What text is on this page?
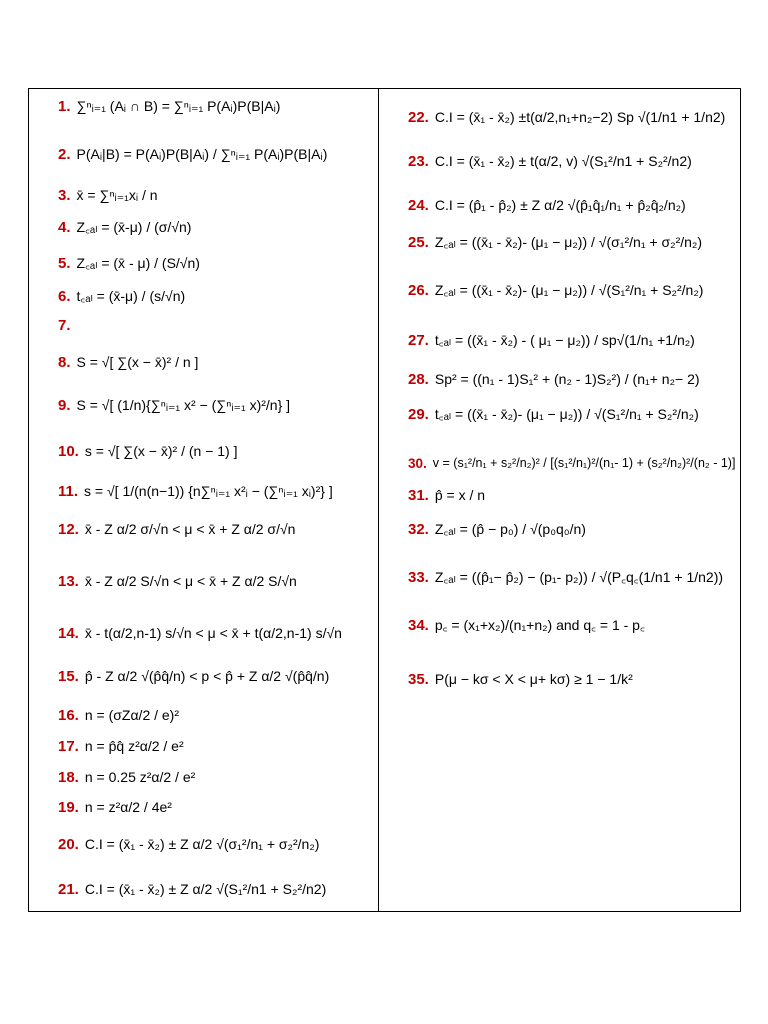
1. ∑ⁿᵢ₌₁ (Aᵢ ∩ B) = ∑ⁿᵢ₌₁ P(Aᵢ)P(B|Aᵢ)
2. P(Aᵢ|B) = P(Aᵢ)P(B|Aᵢ) / ∑ⁿᵢ₌₁ P(Aᵢ)P(B|Aᵢ)
3. x̄ = ∑ⁿᵢ₌₁xᵢ / n
4. Z꜀ₐₗ = (x̄-μ) / (σ/√n)
5. Z꜀ₐₗ = (x̄ - μ) / (S/√n)
6. t꜀ₐₗ = (x̄-μ) / (s/√n)
7.
8. S = √[ ∑(x − x̄)² / n ]
9. S = √[ (1/n){∑ⁿᵢ₌₁ x² − (∑ⁿᵢ₌₁ x)²/n} ]
10. s = √[ ∑(x − x̄)² / (n − 1) ]
11. s = √[ 1/(n(n−1)) {n∑ⁿᵢ₌₁ x²ᵢ − (∑ⁿᵢ₌₁ xᵢ)²} ]
12. x̄ - Z α/2 σ/√n < μ < x̄ + Z α/2 σ/√n
13. x̄ - Z α/2 S/√n < μ < x̄ + Z α/2 S/√n
14. x̄ - t(α/2,n-1) s/√n < μ < x̄ + t(α/2,n-1) s/√n
15. p̂ - Z α/2 √(p̂q̂/n) < p < p̂ + Z α/2 √(p̂q̂/n)
16. n = (σZα/2 / e)²
17. n = p̂q̂ z²α/2 / e²
18. n = 0.25 z²α/2 / e²
19. n = z²α/2 / 4e²
20. C.I = (x̄₁ - x̄₂) ± Z α/2 √(σ₁²/n₁ + σ₂²/n₂)
21. C.I = (x̄₁ - x̄₂) ± Z α/2 √(S₁²/n1 + S₂²/n2)
22. C.I = (x̄₁ - x̄₂) ±t(α/2,n₁+n₂−2) Sp √(1/n1 + 1/n2)
23. C.I = (x̄₁ - x̄₂) ± t(α/2, v) √(S₁²/n1 + S₂²/n2)
24. C.I = (p̂₁ - p̂₂) ± Z α/2 √(p̂₁q̂₁/n₁ + p̂₂q̂₂/n₂)
25. Z꜀ₐₗ = ((x̄₁ - x̄₂)- (μ₁ − μ₂)) / √(σ₁²/n₁ + σ₂²/n₂)
26. Z꜀ₐₗ = ((x̄₁ - x̄₂)- (μ₁ − μ₂)) / √(S₁²/n₁ + S₂²/n₂)
27. t꜀ₐₗ = ((x̄₁ - x̄₂) - ( μ₁ − μ₂)) / sp√(1/n₁ +1/n₂)
28. Sp² = ((n₁ - 1)S₁² + (n₂ - 1)S₂²) / (n₁+ n₂− 2)
29. t꜀ₐₗ = ((x̄₁ - x̄₂)- (μ₁ − μ₂)) / √(S₁²/n₁ + S₂²/n₂)
30. v = (s₁²/n₁ + s₂²/n₂)² / [(s₁²/n₁)²/(n₁- 1) + (s₂²/n₂)²/(n₂ - 1)]
31. p̂ = x / n
32. Z꜀ₐₗ = (p̂ − p₀) / √(p₀q₀/n)
33. Z꜀ₐₗ = ((p̂₁− p̂₂) − (p₁- p₂)) / √(P꜀q꜀(1/n1 + 1/n2))
34. p꜀ = (x₁+x₂)/(n₁+n₂) and q꜀ = 1 - p꜀
35. P(μ − kσ < X < μ+ kσ) ≥ 1 − 1/k²
